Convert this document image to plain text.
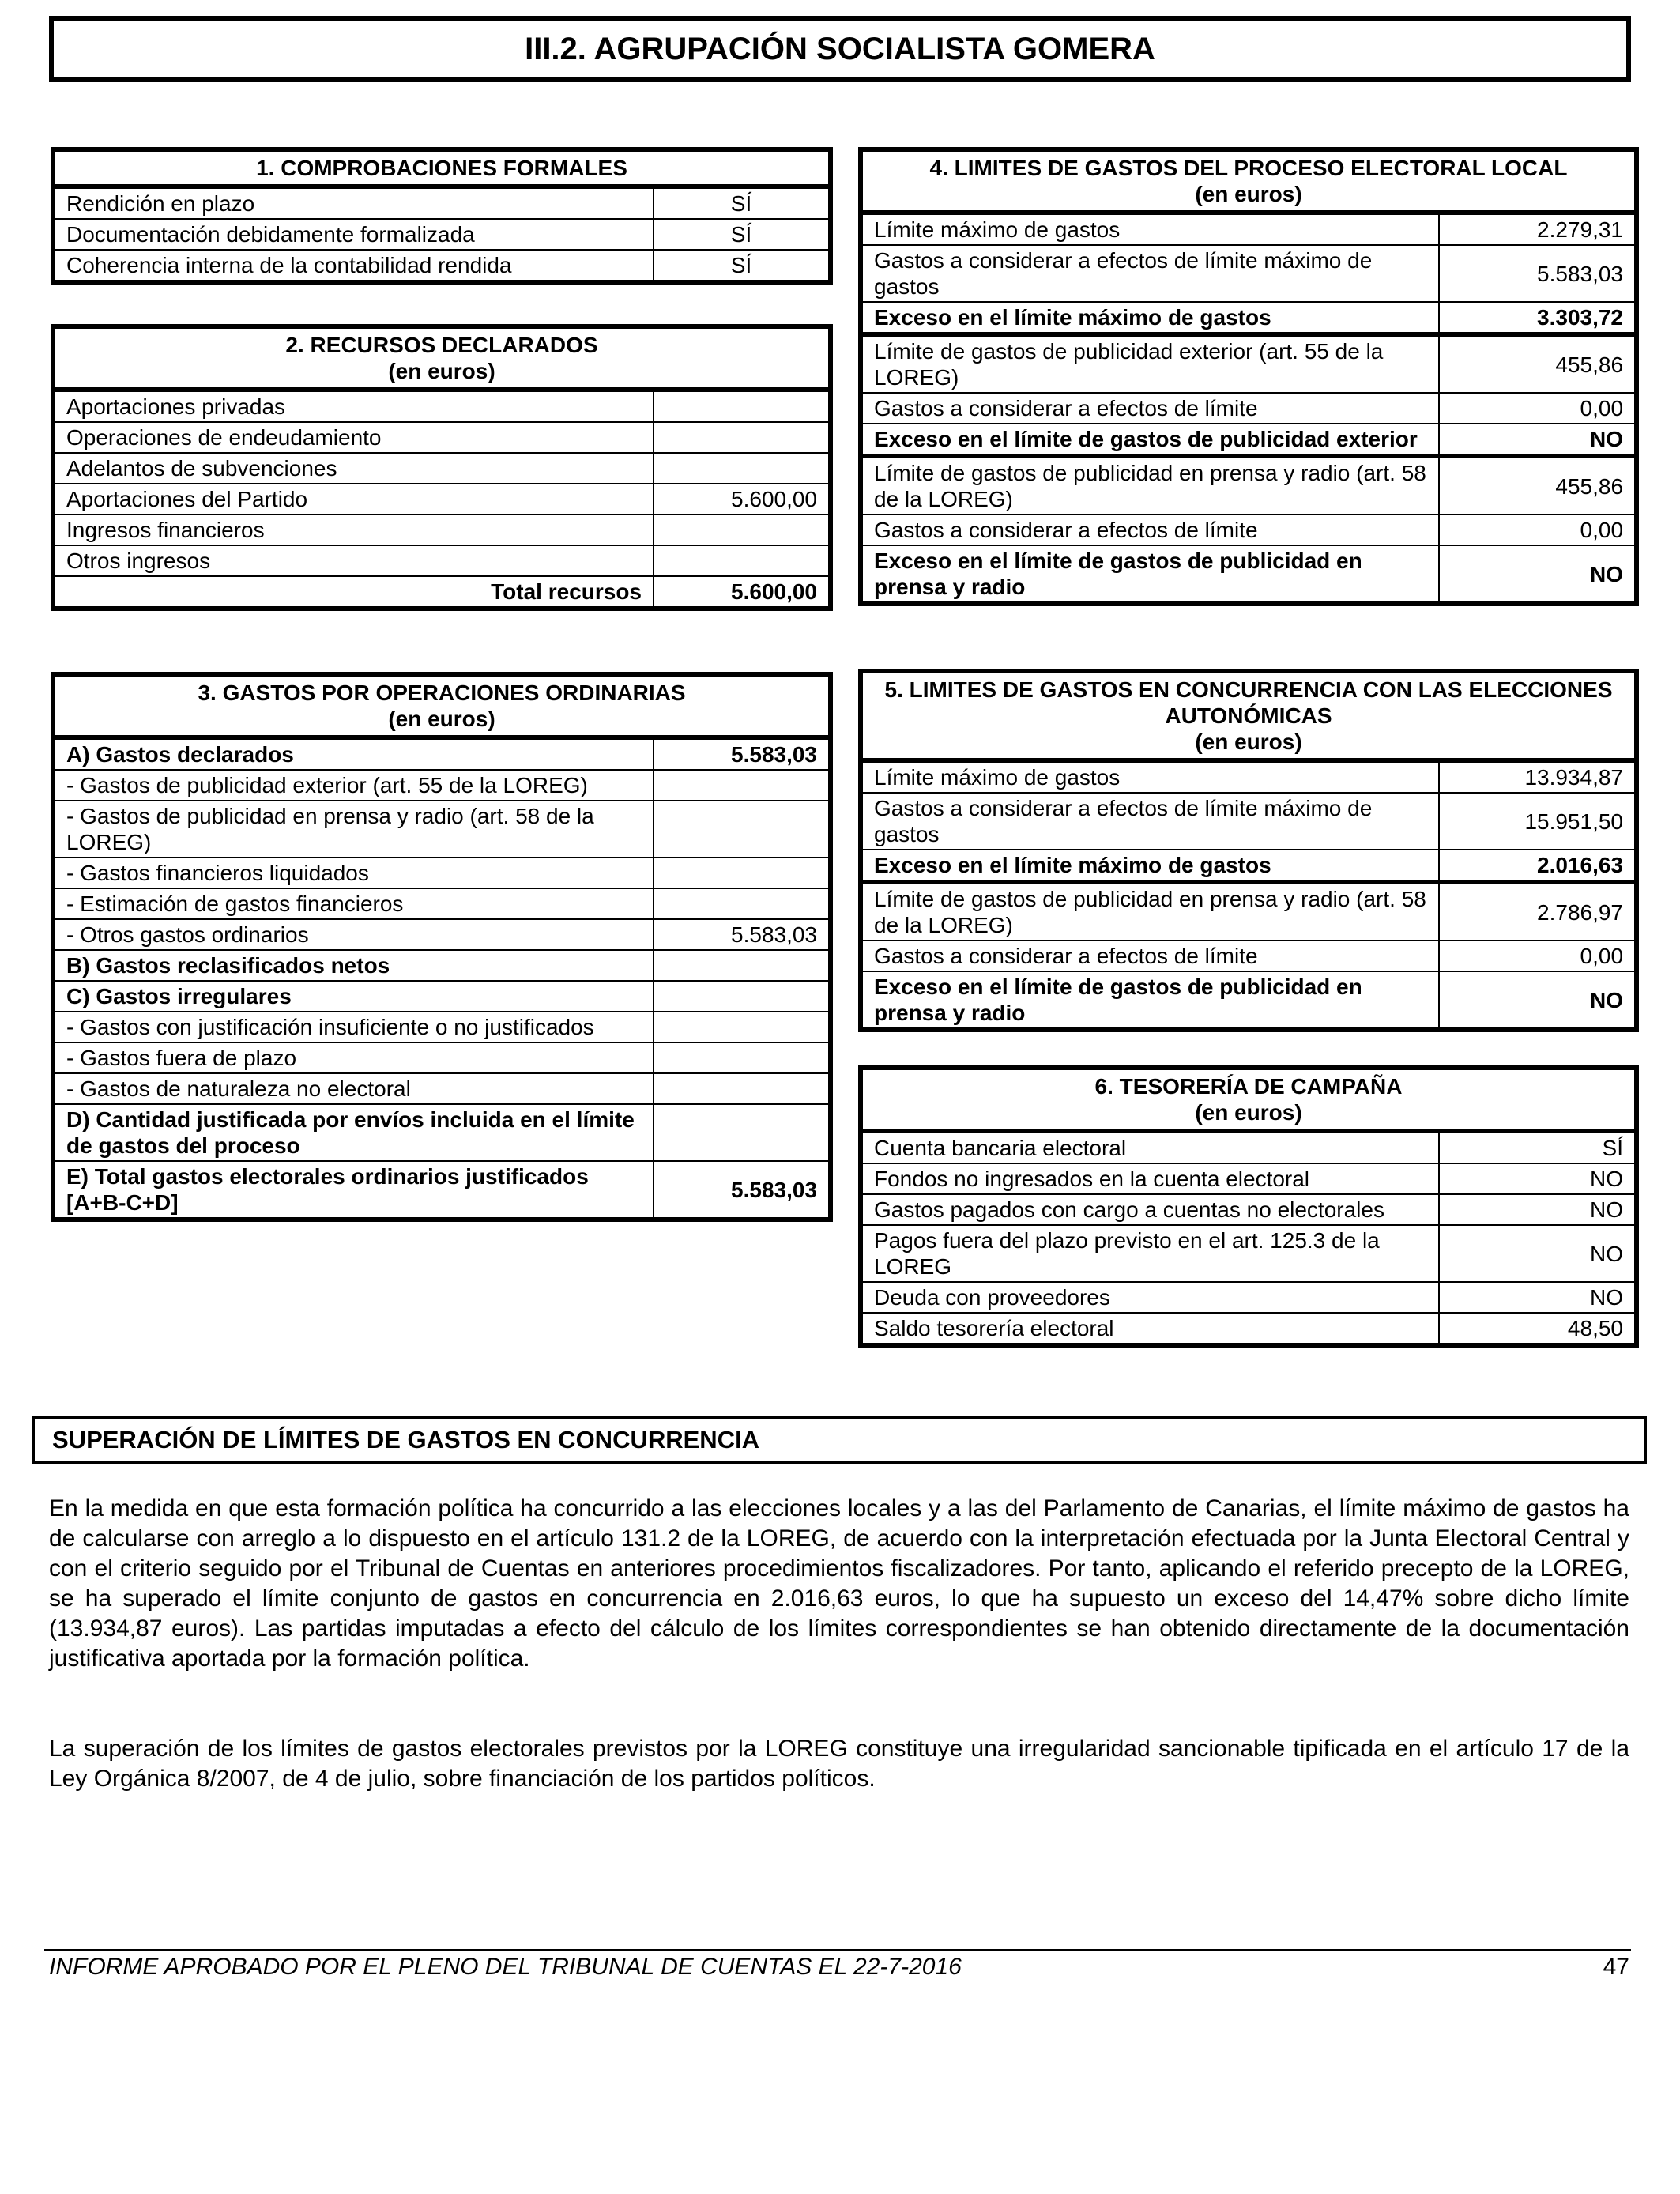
III.2. AGRUPACIÓN SOCIALISTA GOMERA
1. COMPROBACIONES FORMALES	
Rendición en plazo	SÍ
Documentación debidamente formalizada	SÍ
Coherencia interna de la contabilidad rendida	SÍ
2. RECURSOS DECLARADOS
(en euros)	
Aportaciones privadas	
Operaciones de endeudamiento	
Adelantos de subvenciones	
Aportaciones del Partido	5.600,00
Ingresos financieros	
Otros ingresos	
Total recursos	5.600,00
3. GASTOS POR OPERACIONES ORDINARIAS
(en euros)	
A) Gastos declarados	5.583,03
- Gastos de publicidad exterior (art. 55 de la LOREG)	
- Gastos de publicidad en prensa y radio (art. 58 de la LOREG)	
- Gastos financieros liquidados	
- Estimación de gastos financieros	
- Otros gastos ordinarios	5.583,03
B) Gastos reclasificados netos	
C) Gastos irregulares	
- Gastos con justificación insuficiente o no justificados	
- Gastos fuera de plazo	
- Gastos de naturaleza no electoral	
D) Cantidad justificada por envíos incluida en el límite de gastos del proceso	
E) Total gastos electorales ordinarios justificados [A+B-C+D]	5.583,03
4. LIMITES DE GASTOS DEL PROCESO ELECTORAL LOCAL
(en euros)	
Límite máximo de gastos	2.279,31
Gastos a considerar a efectos de límite máximo de gastos	5.583,03
Exceso en el límite máximo de gastos	3.303,72
Límite de gastos de publicidad exterior (art. 55 de la LOREG)	455,86
Gastos a considerar a efectos de límite	0,00
Exceso en el límite de gastos de publicidad exterior	NO
Límite de gastos de publicidad en prensa y radio (art. 58 de la LOREG)	455,86
Gastos a considerar a efectos de límite	0,00
Exceso en el límite de gastos de publicidad en prensa y radio	NO
5. LIMITES DE GASTOS EN CONCURRENCIA CON LAS ELECCIONES AUTONÓMICAS
(en euros)	
Límite máximo de gastos	13.934,87
Gastos a considerar a efectos de límite máximo de gastos	15.951,50
Exceso en el límite máximo de gastos	2.016,63
Límite de gastos de publicidad en prensa y radio (art. 58 de la LOREG)	2.786,97
Gastos a considerar a efectos de límite	0,00
Exceso en el límite de gastos de publicidad en prensa y radio	NO
6. TESORERÍA DE CAMPAÑA
(en euros)	
Cuenta bancaria electoral	SÍ
Fondos no ingresados en la cuenta electoral	NO
Gastos pagados con cargo a cuentas no electorales	NO
Pagos fuera del plazo previsto en el art. 125.3 de la LOREG	NO
Deuda con proveedores	NO
Saldo tesorería electoral	48,50
SUPERACIÓN DE LÍMITES DE GASTOS EN CONCURRENCIA

En la medida en que esta formación política ha concurrido a las elecciones locales y a las del Parlamento de Canarias, el límite máximo de gastos ha de calcularse con arreglo a lo dispuesto en el artículo 131.2 de la LOREG, de acuerdo con la interpretación efectuada por la Junta Electoral Central y con el criterio seguido por el Tribunal de Cuentas en anteriores procedimientos fiscalizadores. Por tanto, aplicando el referido precepto de la LOREG, se ha superado el límite conjunto de gastos en concurrencia en 2.016,63 euros, lo que ha supuesto un exceso del 14,47% sobre dicho límite (13.934,87 euros). Las partidas imputadas a efecto del cálculo de los límites correspondientes se han obtenido directamente de la documentación justificativa aportada por la formación política.

La superación de los límites de gastos electorales previstos por la LOREG constituye una irregularidad sancionable tipificada en el artículo 17 de la Ley Orgánica 8/2007, de 4 de julio, sobre financiación de los partidos políticos.

INFORME APROBADO POR EL PLENO DEL TRIBUNAL DE CUENTAS EL 22-7-2016	47
